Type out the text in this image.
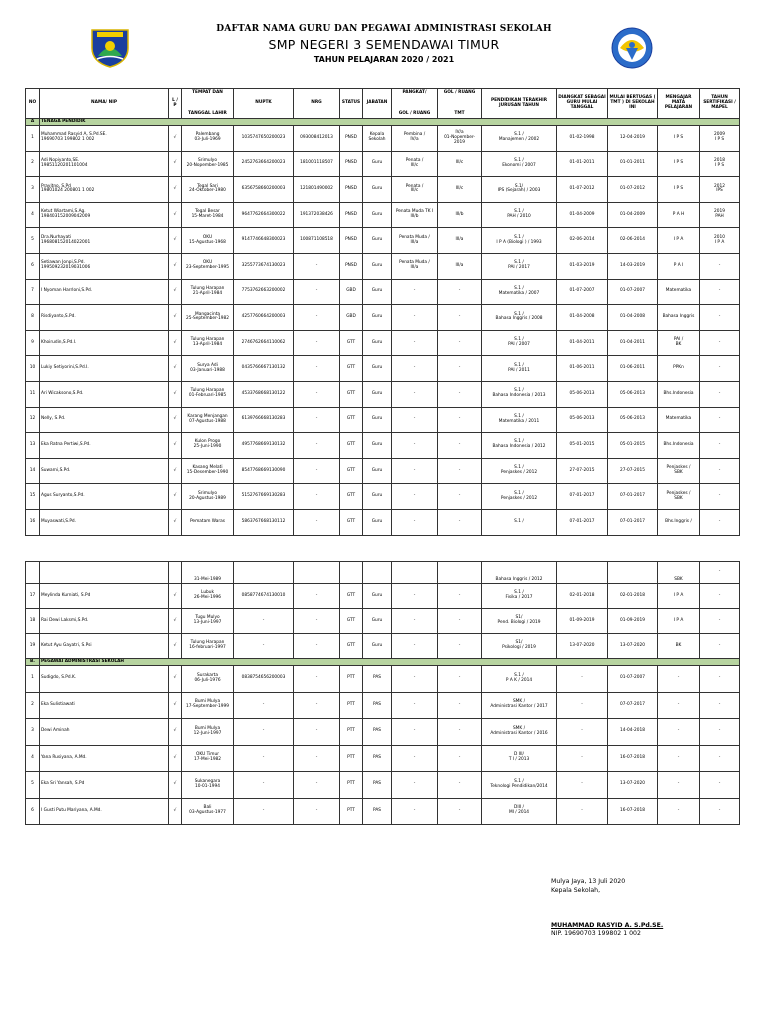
DAFTAR NAMA GURU DAN PEGAWAI ADMINISTRASI SEKOLAH
SMP NEGERI 3 SEMENDAWAI TIMUR
TAHUN PELAJARAN 2020 / 2021
NO	NAMA/ NIP	L / P	TEMPAT DAN
TANGGAL LAHIR	NUPTK	NRG	STATUS	JABATAN	PANGKAT/
GOL / RUANG	GOL / RUANG
TMT	PENDIDIKAN TERAKHIR JURUSAN TAHUN	DIANGKAT SEBAGAI GURU MULAI TANGGAL	MULAI BERTUGAS ( TMT ) DI SEKOLAH INI	MENGAJAR MATA PELAJARAN	TAHUN SERTIFIKASI / MAPEL
A	TENAGA PENDIDIK													
1	Muhammad Rasyid A, S.Pd.SE.
19690703 199802 1 002	√	Palembang
03-Juli-1969	1035747650200023	093008412013	PNSD	Kepala
Sekolah	Pembina /
IV/a	IV/a
01-Nopember-2019	S.1 /
Manajemen / 2002	01-02-1998	12-04-2019	I P S	2009
I P S

2	Adi Nopiyanto,SE.
19851120201101004	√	Srimulyo
20-Nopember-1985	2452763664200023	181001118507	PNSD	Guru	Penata /
III/c	III/c	S.1 /
Ekonomi / 2007	01-01-2011	01-01-2011	I P S	2018
I P S

3	Prayitno, S.Pd
19801024 200801 1 002	√	Tegal Sari
24-Oktober-1980	6356758660200003	121801490002	PNSD	Guru	Penata /
III/c	III/c	S.1/
IPS (Sejarah) / 2003	01-07-2012	01-07-2012	I P S	2012
IPS

4	Ketut Wiartami,S.Ag.
198403152009042009	√	Tegal Besar
15-Maret-1984	9647762664300022	191372038426	PNSD	Guru	Penata Muda TK I
III/b	III/b	S.1 /
PAH / 2010	01-04-2009	01-04-2009	P A H	2019
PAH

5	Dra.Nurhayati
196808152014022001	√	OKU
15-Agustus-1968	9147746648300023	100871108518	PNSD	Guru	Penata Muda /
III/a	III/a	S.1 /
I P A (Biologi ) / 1993	02-06-2014	02-06-2014	I P A	2010
I P A

6	Setiawan Jonpi,S.Pd.
199509232019031006	√	OKU
23-September-1995	3255773674130023	-	PNSD	Guru	Penata Muda /
III/a	III/a	S.1 /
PAI / 2017	01-03-2019	14-03-2019	P A I	-
7	I Nyoman Harrloni,S.Pd.	√	Tulung Harapan
21-April-1984	7753762663200002	-	GBD	Guru	-	-	S.1 /
Matematika / 2007	01-07-2007	01-07-2007	Matematika	-
8	Risdiyanto,S.Pd.	√	Mangacinta
25-September-1982	4257760664200003	-	GBD	Guru	-	-	S.1 /
Bahasa Inggris / 2008	01-04-2008	01-04-2008	Bahasa Inggris	-
9	Khoirudin,S.Pd.I.	√	Tulung Harapan
13-April-1984	2746762664110062	-	GTT	Guru	-	-	S.1 /
PAI / 2007	01-04-2011	01-04-2011	PAI /
BK	-
10	Lukiy Setiyorini,S.Pd.I.	√	Surya Adi
03-Januari-1988	0435766667130132	-	GTT	Guru	-	-	S.1 /
PAI / 2011	01-06-2011	01-06-2011	PPKn	-
11	Ari Wicaksono,S.Pd.	√	Tulung Harapan
01-Februari-1985	4533768668130122	-	GTT	Guru	-	-	S.1 /
Bahasa Indonesia / 2013	05-06-2013	05-06-2013	Bhs.Indonesia	-
12	Nelly, S.Pd.	√	Karang Menjangan
07-Agustus-1988	6139766668130283	-	GTT	Guru	-	-	S.1 /
Matematika / 2011	05-06-2013	05-06-2013	Matematika	-
13	Eka Ratna Pertiwi,S.Pd.	√	Kulon Progo
25-Juni-1990	4957768669130132	-	GTT	Guru	-	-	S.1 /
Bahasa Indonesia / 2012	05-01-2015	05-01-2015	Bhs.Indonesia	-
14	Suwarni,S.Pd.	√	Kasang Melati
15-Desember-1990	8547768669130090	-	GTT	Guru	-	-	S.1 /
Penjaskes / 2012	27-07-2015	27-07-2015	Penjaskes /
SBK	-
15	Agus Suryanto,S.Pd.	√	Srimulyo
20-Agustus-1989	5152767669130283	-	GTT	Guru	-	-	S.1 /
Penjaskes / 2012	07-01-2017	07-01-2017	Penjaskes /
SBK	-
16	Muyaswati,S.Pd.	√	Pematam Waras	5863767668130112	-	GTT	Guru	-	-	S.1 /	07-01-2017	07-01-2017	Bhs.Inggris /	-
			31-Mei-1989							Bahasa Inggris / 2012			SBK	-
17	Meylinda Kurniati, S.Pd	√	Lubuk
26-Mei-1996	0858774674130010	-	GTT	Guru	-	-	S.1 /
Fisika / 2017	02-01-2018	02-01-2018	I P A	-
18	Rai Dewi Laksmi,S.Pd.	√	Tugu Mulyo
13-Juni-1997	-	-	GTT	Guru	-	-	S1/
Pend. Biologi / 2019	01-09-2019	01-09-2019	I P A	-
19	Ketut Ayu Gayatri, S.Psi	√	Tulung Harapan
16-februari-1997	-	-	GTT	Guru	-	-	S1/
Psikologi / 2019	13-07-2020	13-07-2020	BK	-
B.	PEGAWAI ADMINISTRASI SEKOLAH													
1	Sudigdo, S.Pd.K.	√	Surakarta
06-Juli-1976	0838754656200003	-	PTT	PAS	-	-	S.1 /
P A K / 2014	-	01-07-2007	-	-
2	Eka Sulistiawati	√	Bumi Mulya
17-September-1999	-	-	PTT	PAS	-	-	SMK /
Administrasi Kantor / 2017	-	07-07-2017	-	-
3	Dewi Aminah	√	Bumi Mulya
12-Juni-1997	-	-	PTT	PAS	-	-	SMK /
Administrasi Kantor / 2016	-	14-04-2018	-	-
4	Yana Rusiyana, A.Md.	√	OKU Timur
17-Mei-1982	-	-	PTT	PAS	-	-	D III/
T I / 2013	-	16-07-2018	-	-
5	Eka Sri Yansah, S.Pd	√	Sukanegara
10-01-1994	-	-	PTT	PAS	-	-	S.1 /
Teknologi Pendidikan/2014	-	13-07-2020	-	-
6	I Gusti Putu Mariyana, A.Md.	√	Bali
03-Agustus-1977	-	-	PTT	PAS	-	-	DIII /
MI / 2014	-	16-07-2018	-	-
Mulya Jaya, 13 Juli 2020
Kepala Sekolah,
MUHAMMAD RASYID A. S.Pd.SE.
NIP. 19690703 199802 1 002
